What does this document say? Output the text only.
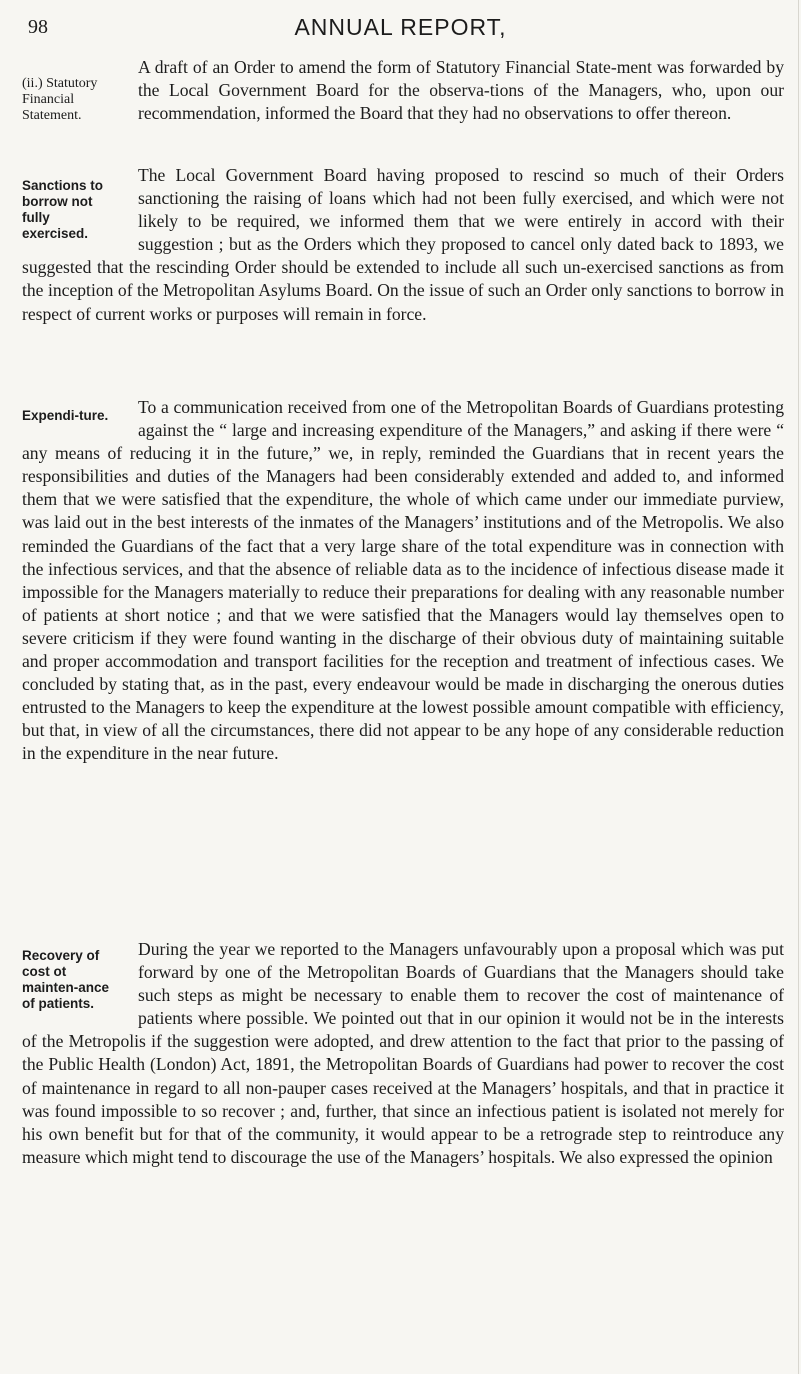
98	ANNUAL REPORT,
(ii.) Statutory Financial Statement.

A draft of an Order to amend the form of Statutory Financial State-ment was forwarded by the Local Government Board for the observa-tions of the Managers, who, upon our recommendation, informed the Board that they had no observations to offer thereon.

Sanctions to borrow not fully exercised.

The Local Government Board having proposed to rescind so much of their Orders sanctioning the raising of loans which had not been fully exercised, and which were not likely to be required, we informed them that we were entirely in accord with their suggestion ; but as the Orders which they proposed to cancel only dated back to 1893, we suggested that the rescinding Order should be extended to include all such un-exercised sanctions as from the inception of the Metropolitan Asylums Board. On the issue of such an Order only sanctions to borrow in respect of current works or purposes will remain in force.

Expendi-ture.	To a communication received from one of the Metropolitan Boards of Guardians protesting against the “ large and increasing expenditure of the Managers,” and asking if there were “ any means of reducing it in the future,” we, in reply, reminded the Guardians that in recent years the responsibilities and duties of the Managers had been considerably extended and added to, and informed them that we were satisfied that the expenditure, the whole of which came under our immediate purview, was laid out in the best interests of the inmates of the Managers’ institutions and of the Metropolis. We also reminded the Guardians of the fact that a very large share of the total expenditure was in connection with the infectious services, and that the absence of reliable data as to the incidence of infectious disease made it impossible for the Managers materially to reduce their preparations for dealing with any reasonable number of patients at short notice ; and that we were satisfied that the Managers would lay themselves open to severe criticism if they were found wanting in the discharge of their obvious duty of maintaining suitable and proper accommodation and transport facilities for the reception and treatment of infectious cases. We concluded by stating that, as in the past, every endeavour would be made in discharging the onerous duties entrusted to the Managers to keep the expenditure at the lowest possible amount compatible with efficiency, but that, in view of all the circumstances, there did not appear to be any hope of any considerable reduction in the expenditure in the near future.

Recovery of cost ot mainten-ance of patients.

During the year we reported to the Managers unfavourably upon a proposal which was put forward by one of the Metropolitan Boards of Guardians that the Managers should take such steps as might be necessary to enable them to recover the cost of maintenance of patients where possible. We pointed out that in our opinion it would not be in the interests of the Metropolis if the suggestion were adopted, and drew attention to the fact that prior to the passing of the Public Health (London) Act, 1891, the Metropolitan Boards of Guardians had power to recover the cost of maintenance in regard to all non-pauper cases received at the Managers’ hospitals, and that in practice it was found impossible to so recover ; and, further, that since an infectious patient is isolated not merely for his own benefit but for that of the community, it would appear to be a retrograde step to reintroduce any measure which might tend to discourage the use of the Managers’ hospitals. We also expressed the opinion
